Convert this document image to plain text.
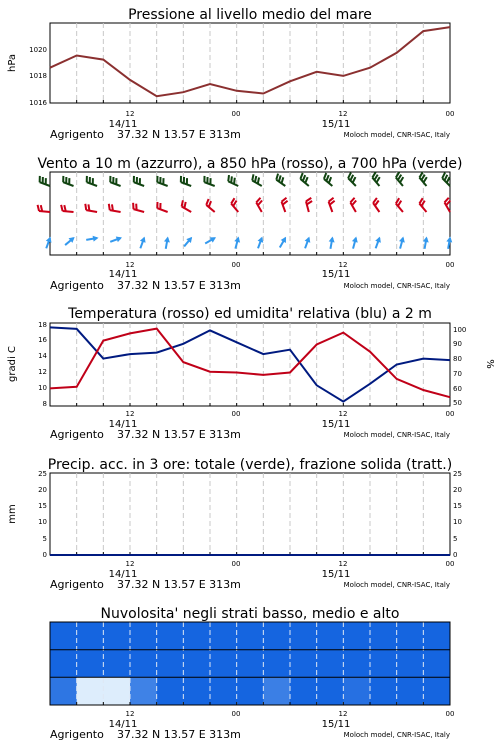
Pressione al livello medio del mare
hPa
1020
1018
1016
12	00	12	00
14/11	15/11
Agrigento 37.32 N 13.57 E 313m	Moloch model, CNR-ISAC, Italy
Vento a 10 m (azzurro), a 850 hPa (rosso), a 700 hPa (verde)
12	00	12	00
14/11	15/11
Agrigento 37.32 N 13.57 E 313m	Moloch model, CNR-ISAC, Italy
Temperatura (rosso) ed umidita' relativa (blu) a 2 m
gradi C	%
8
10
12
14
16
18
50
60
70
80
90
100
12	00	12	00
14/11	15/11
Agrigento 37.32 N 13.57 E 313m	Moloch model, CNR-ISAC, Italy
Precip. acc. in 3 ore: totale (verde), frazione solida (tratt.)
mm
0
5
10
15
20
25
0
5
10
15
20
25
12	00	12	00
14/11	15/11
Agrigento 37.32 N 13.57 E 313m	Moloch model, CNR-ISAC, Italy
Nuvolosita' negli strati basso, medio e alto
12	00	12	00
14/11	15/11
Agrigento 37.32 N 13.57 E 313m	Moloch model, CNR-ISAC, Italy
